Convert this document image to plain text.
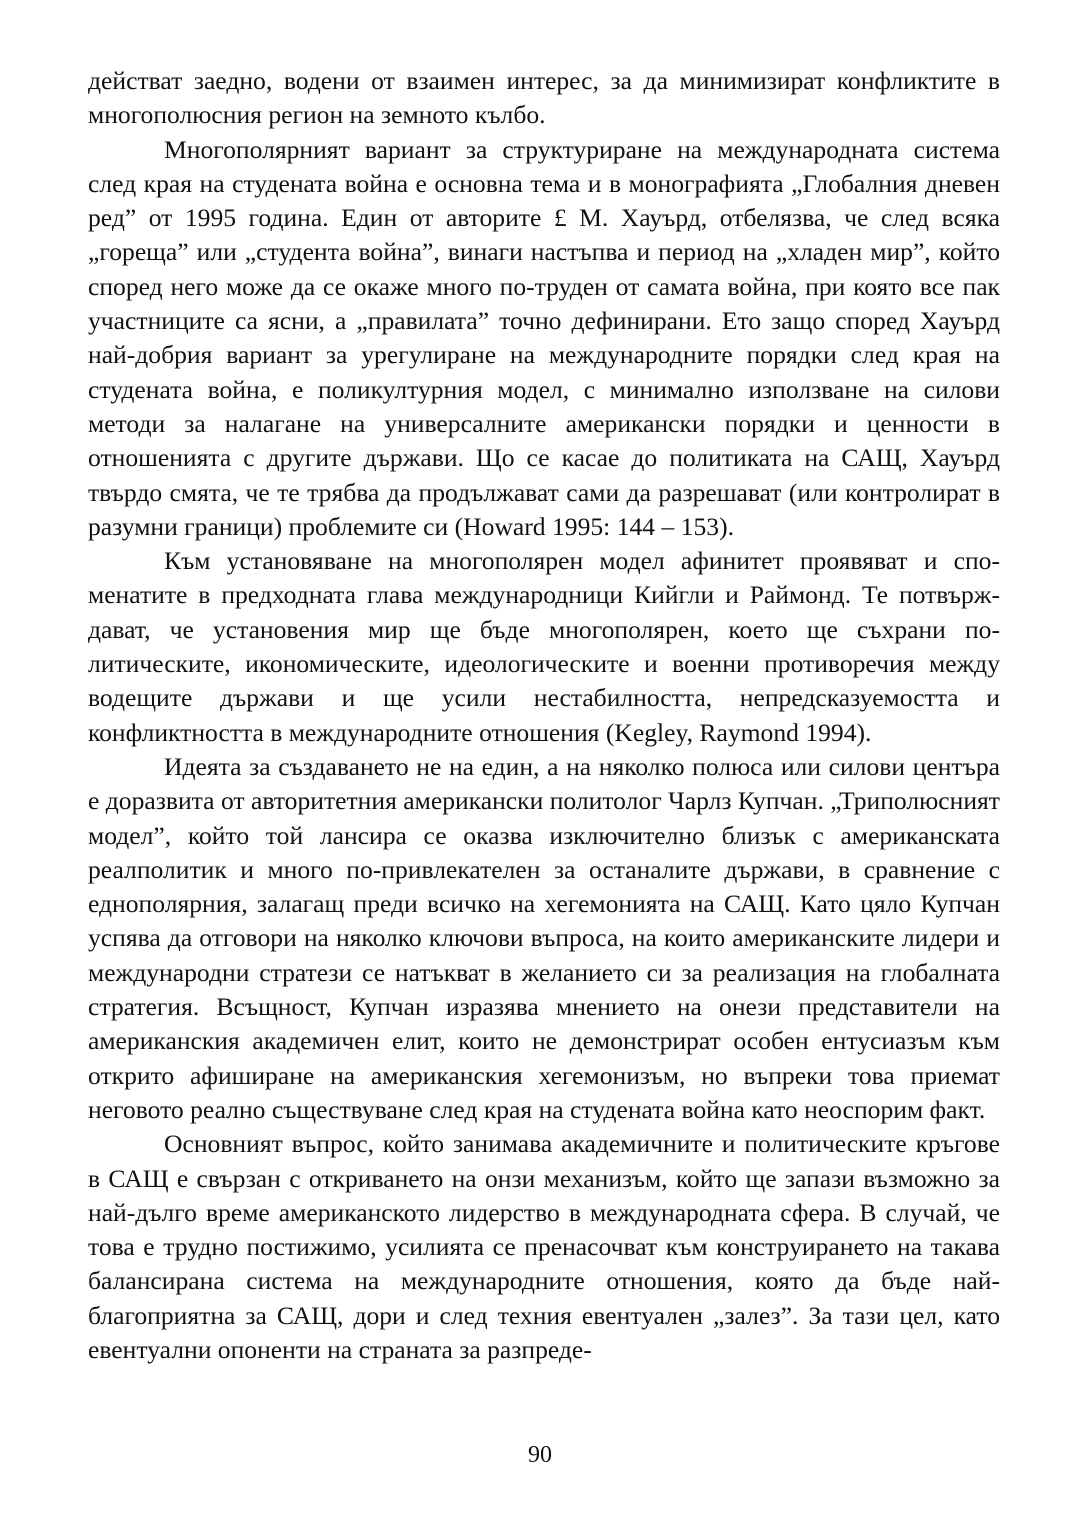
действат заедно, водени от взаимен интерес, за да минимизират конфликтите в многополюсния регион на земното кълбо.

Многополярният вариант за структуриране на международната система след края на студената война е основна тема и в монографията „Глобалния дневен ред” от 1995 година. Един от авторите £ М. Хауърд, отбелязва, че след всяка „гореща” или „студента война”, винаги настъпва и период на „хладен мир”, който според него може да се окаже много по-труден от самата война, при която все пак участниците са ясни, а „правилата” точно дефинирани. Ето защо според Хауърд най-добрия вариант за урегулиране на международните порядки след края на студената война, е поликултурния модел, с минимално използване на силови методи за налагане на универсалните американски порядки и ценности в отношенията с другите държави. Що се касае до политиката на САЩ, Хауърд твърдо смята, че те трябва да продължават сами да разрешават (или контролират в разумни граници) проблемите си (Howard 1995: 144 – 153).

Към установяване на многополярен модел афинитет проявяват и споменатите в предходната глава международници Кийгли и Раймонд. Те потвърждават, че установения мир ще бъде многополярен, което ще съхрани политическите, икономическите, идеологическите и военни противоречия между водещите държави и ще усили нестабилността, непредсказуемостта и конфликтността в международните отношения (Kegley, Raymond 1994).

Идеята за създаването не на един, а на няколко полюса или силови центъра е доразвита от авторитетния американски политолог Чарлз Купчан. „Триполюсният модел”, който той лансира се оказва изключително близък с американската реалполитик и много по-привлекателен за останалите държави, в сравнение с еднополярния, залагащ преди всичко на хегемонията на САЩ. Като цяло Купчан успява да отговори на няколко ключови въпроса, на които американските лидери и международни стратези се натъкват в желанието си за реализация на глобалната стратегия. Всъщност, Купчан изразява мнението на онези представители на американския академичен елит, които не демонстрират особен ентусиазъм към открито афиширане на американския хегемонизъм, но въпреки това приемат неговото реално съществуване след края на студената война като неоспорим факт.

Основният въпрос, който занимава академичните и политическите кръгове в САЩ е свързан с откриването на онзи механизъм, който ще запази възможно за най-дълго време американското лидерство в международната сфера. В случай, че това е трудно постижимо, усилията се пренасочват към конструирането на такава балансирана система на международните отношения, която да бъде най-благоприятна за САЩ, дори и след техния евентуален „залез”. За тази цел, като евентуални опоненти на страната за разпреде-

90
